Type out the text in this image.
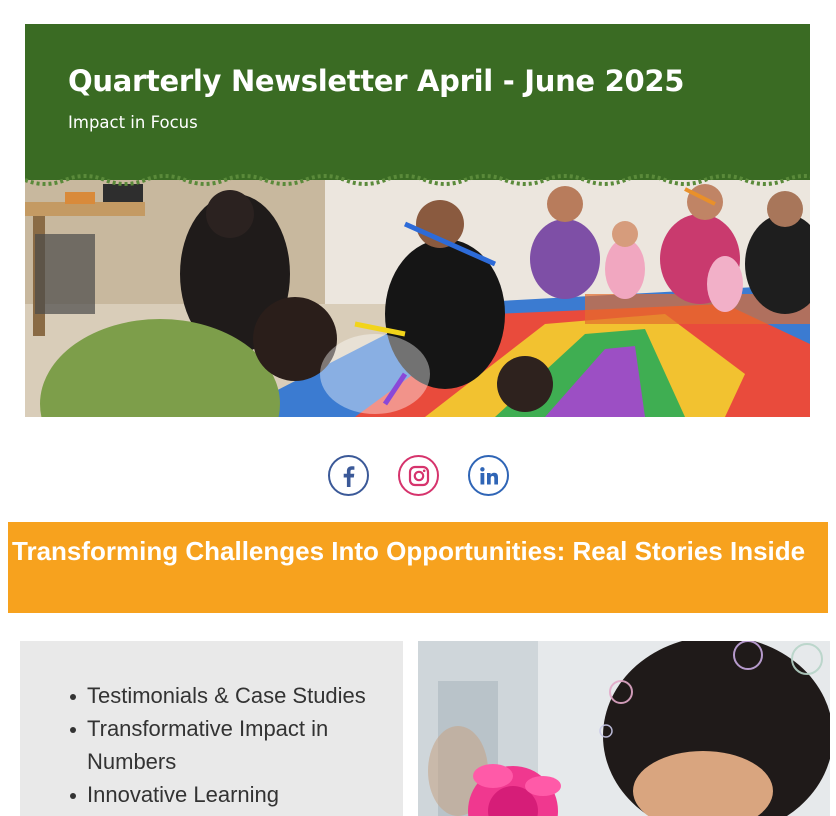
Quarterly Newsletter April - June 2025
Impact in Focus
Transforming Challenges Into Opportunities: Real Stories Inside
Testimonials & Case Studies
Transformative Impact in Numbers
Innovative Learning
